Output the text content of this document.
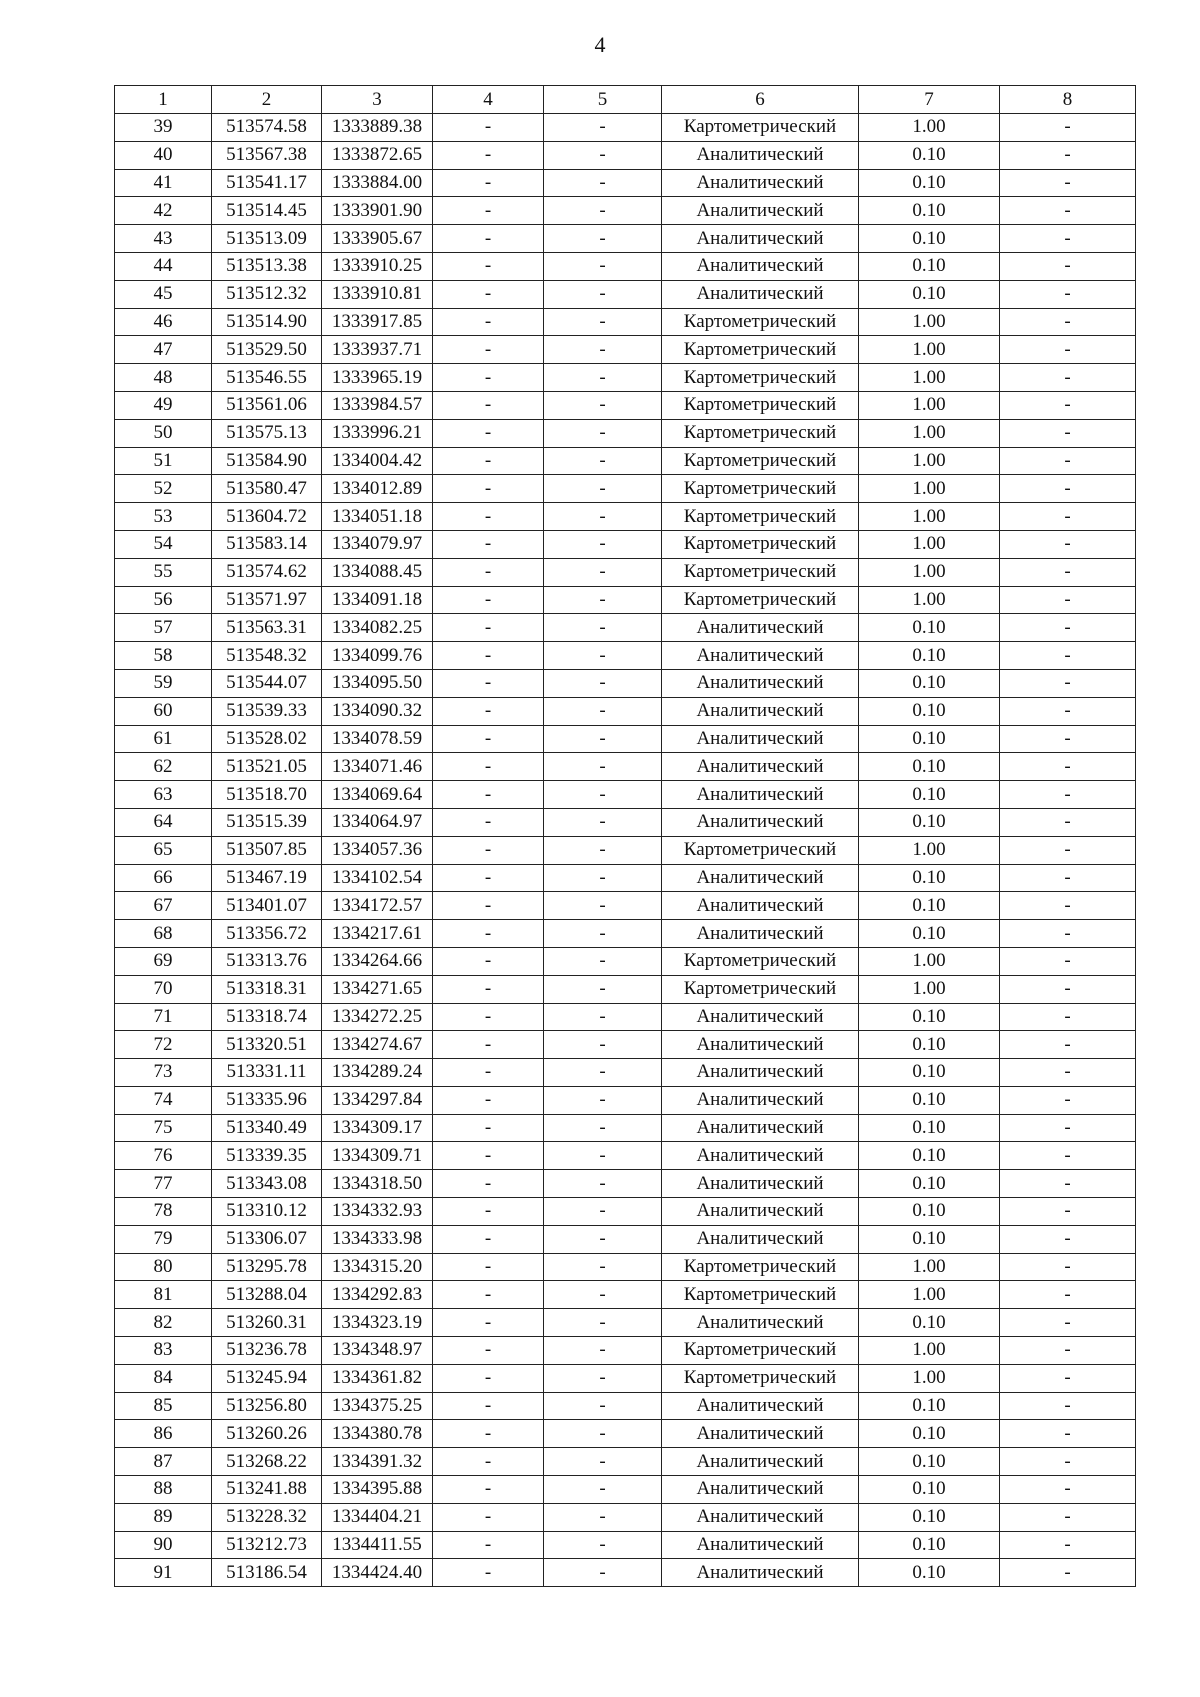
4
1	2	3	4	5	6	7	8
39	513574.58	1333889.38	-	-	Картометрический	1.00	-
40	513567.38	1333872.65	-	-	Аналитический	0.10	-
41	513541.17	1333884.00	-	-	Аналитический	0.10	-
42	513514.45	1333901.90	-	-	Аналитический	0.10	-
43	513513.09	1333905.67	-	-	Аналитический	0.10	-
44	513513.38	1333910.25	-	-	Аналитический	0.10	-
45	513512.32	1333910.81	-	-	Аналитический	0.10	-
46	513514.90	1333917.85	-	-	Картометрический	1.00	-
47	513529.50	1333937.71	-	-	Картометрический	1.00	-
48	513546.55	1333965.19	-	-	Картометрический	1.00	-
49	513561.06	1333984.57	-	-	Картометрический	1.00	-
50	513575.13	1333996.21	-	-	Картометрический	1.00	-
51	513584.90	1334004.42	-	-	Картометрический	1.00	-
52	513580.47	1334012.89	-	-	Картометрический	1.00	-
53	513604.72	1334051.18	-	-	Картометрический	1.00	-
54	513583.14	1334079.97	-	-	Картометрический	1.00	-
55	513574.62	1334088.45	-	-	Картометрический	1.00	-
56	513571.97	1334091.18	-	-	Картометрический	1.00	-
57	513563.31	1334082.25	-	-	Аналитический	0.10	-
58	513548.32	1334099.76	-	-	Аналитический	0.10	-
59	513544.07	1334095.50	-	-	Аналитический	0.10	-
60	513539.33	1334090.32	-	-	Аналитический	0.10	-
61	513528.02	1334078.59	-	-	Аналитический	0.10	-
62	513521.05	1334071.46	-	-	Аналитический	0.10	-
63	513518.70	1334069.64	-	-	Аналитический	0.10	-
64	513515.39	1334064.97	-	-	Аналитический	0.10	-
65	513507.85	1334057.36	-	-	Картометрический	1.00	-
66	513467.19	1334102.54	-	-	Аналитический	0.10	-
67	513401.07	1334172.57	-	-	Аналитический	0.10	-
68	513356.72	1334217.61	-	-	Аналитический	0.10	-
69	513313.76	1334264.66	-	-	Картометрический	1.00	-
70	513318.31	1334271.65	-	-	Картометрический	1.00	-
71	513318.74	1334272.25	-	-	Аналитический	0.10	-
72	513320.51	1334274.67	-	-	Аналитический	0.10	-
73	513331.11	1334289.24	-	-	Аналитический	0.10	-
74	513335.96	1334297.84	-	-	Аналитический	0.10	-
75	513340.49	1334309.17	-	-	Аналитический	0.10	-
76	513339.35	1334309.71	-	-	Аналитический	0.10	-
77	513343.08	1334318.50	-	-	Аналитический	0.10	-
78	513310.12	1334332.93	-	-	Аналитический	0.10	-
79	513306.07	1334333.98	-	-	Аналитический	0.10	-
80	513295.78	1334315.20	-	-	Картометрический	1.00	-
81	513288.04	1334292.83	-	-	Картометрический	1.00	-
82	513260.31	1334323.19	-	-	Аналитический	0.10	-
83	513236.78	1334348.97	-	-	Картометрический	1.00	-
84	513245.94	1334361.82	-	-	Картометрический	1.00	-
85	513256.80	1334375.25	-	-	Аналитический	0.10	-
86	513260.26	1334380.78	-	-	Аналитический	0.10	-
87	513268.22	1334391.32	-	-	Аналитический	0.10	-
88	513241.88	1334395.88	-	-	Аналитический	0.10	-
89	513228.32	1334404.21	-	-	Аналитический	0.10	-
90	513212.73	1334411.55	-	-	Аналитический	0.10	-
91	513186.54	1334424.40	-	-	Аналитический	0.10	-
